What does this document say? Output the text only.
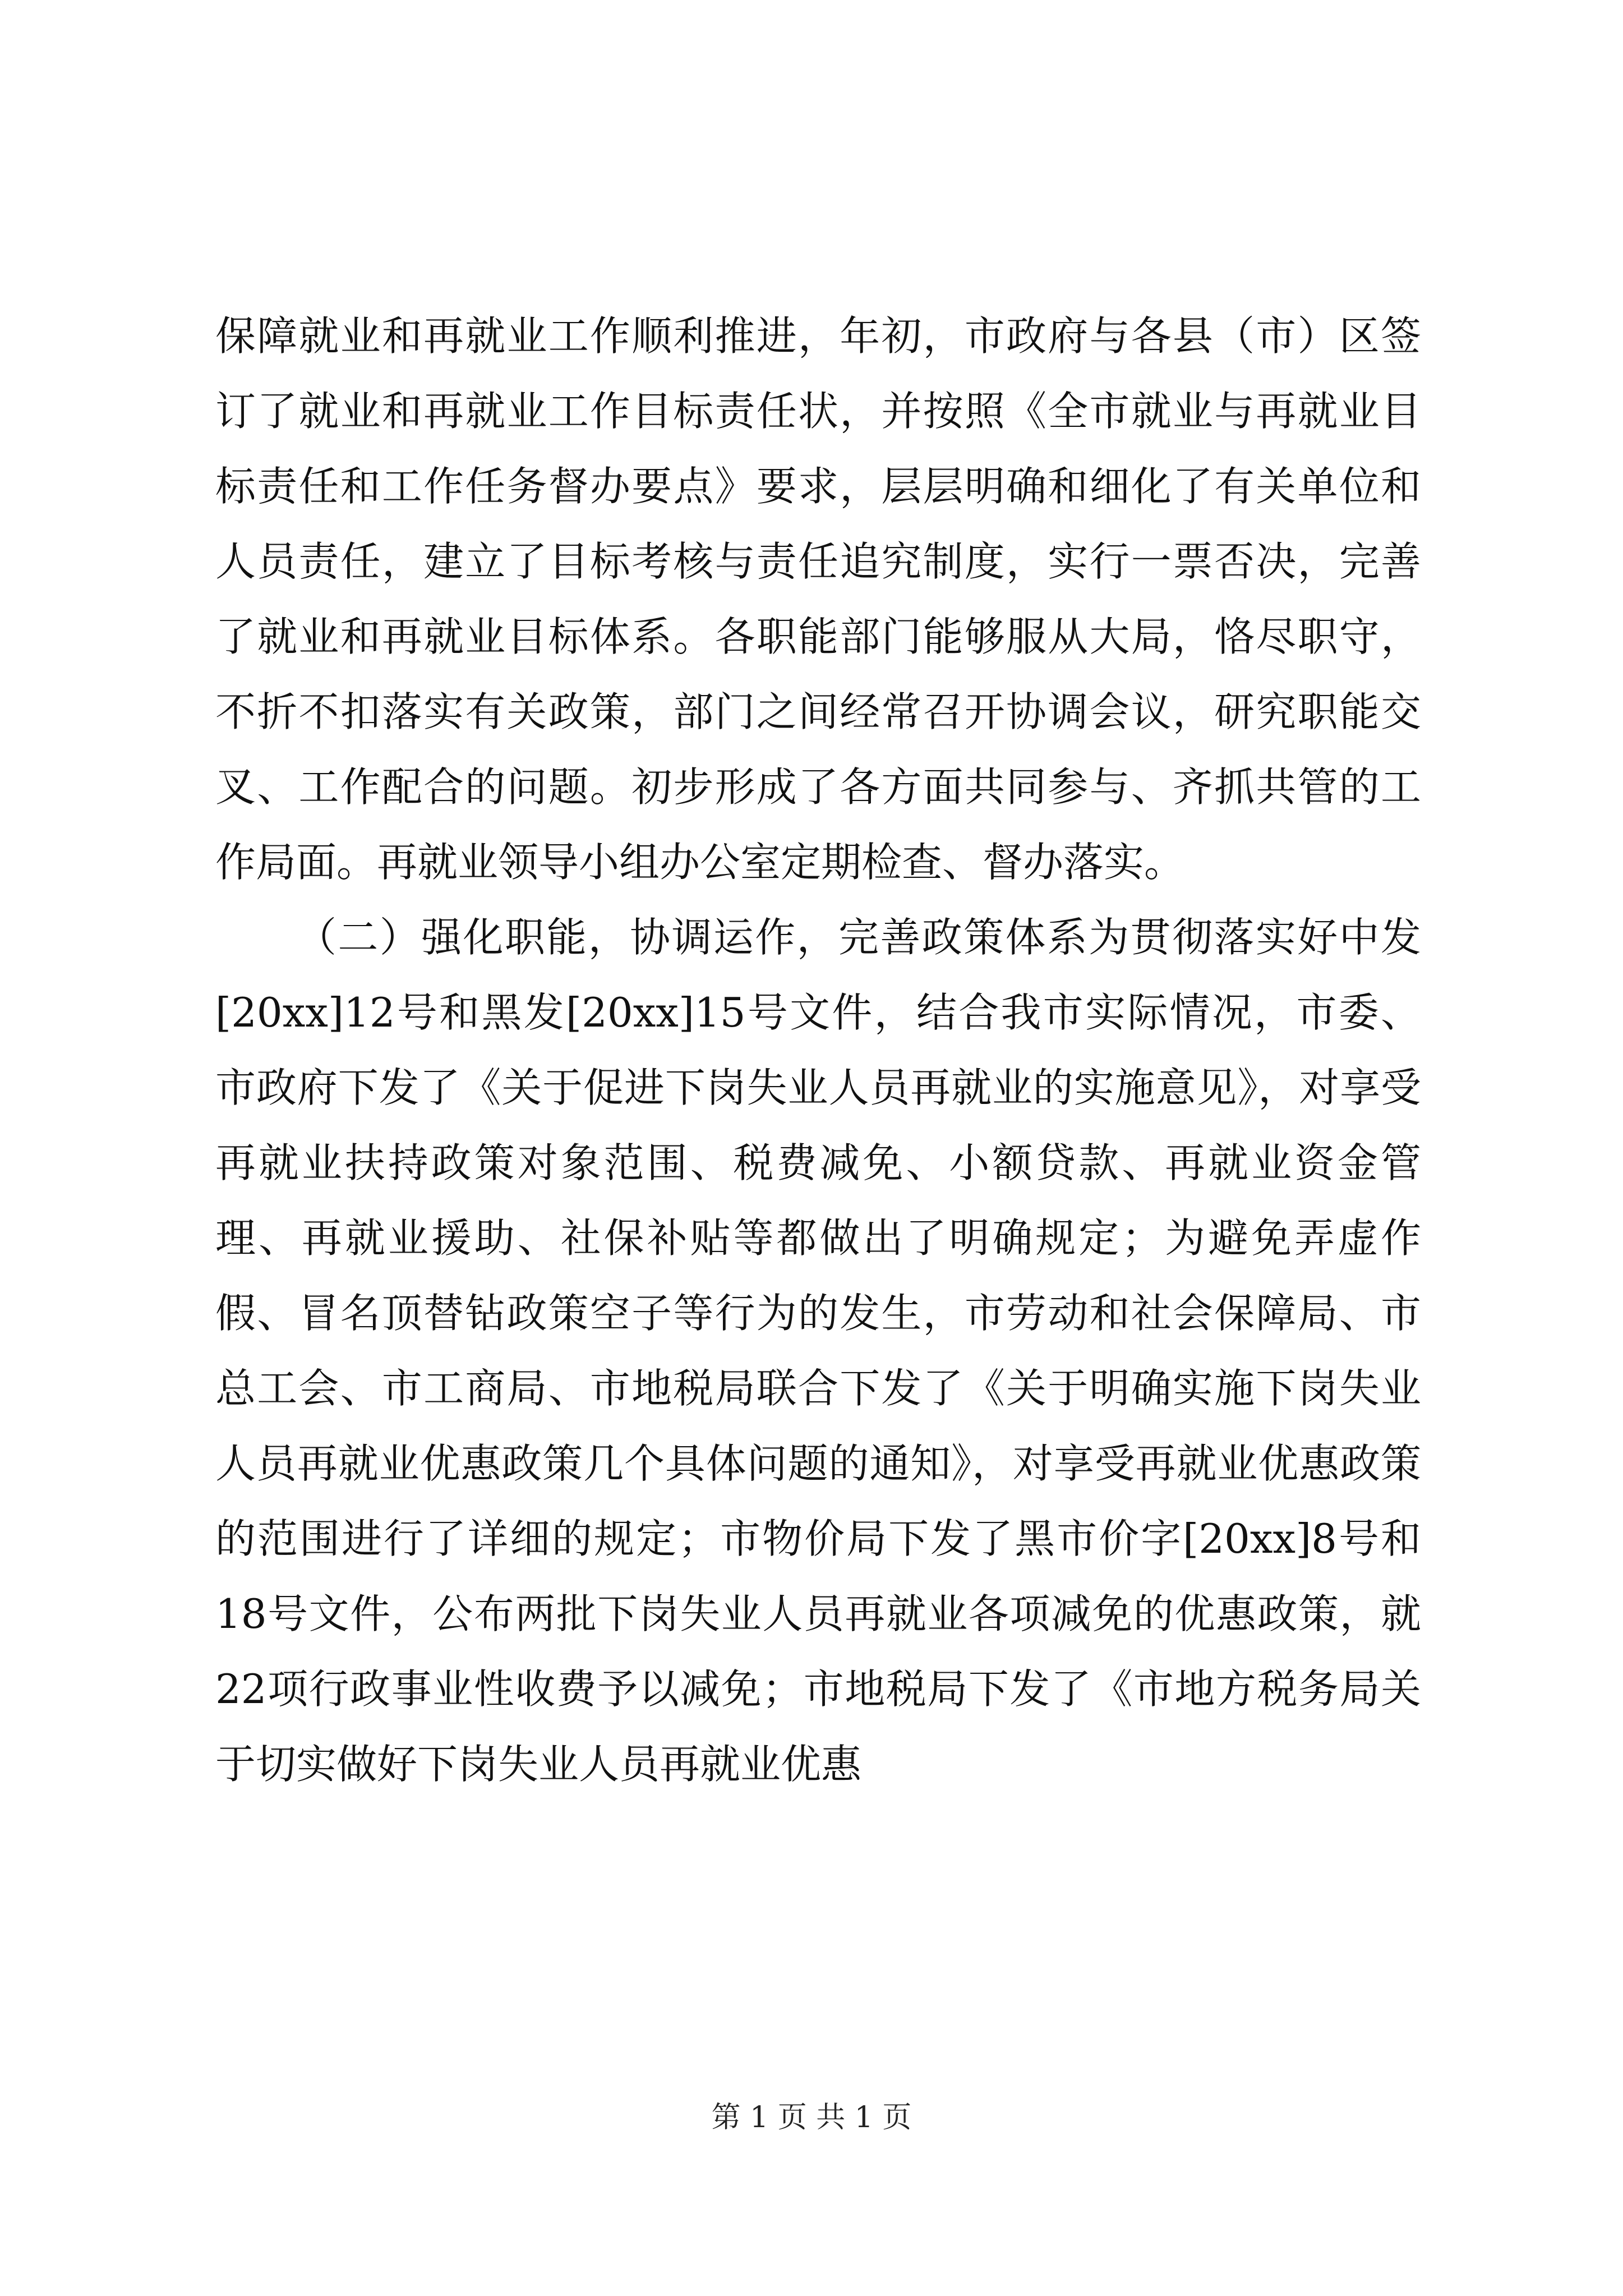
保障就业和再就业工作顺利推进，年初，市政府与各县（市）区签订了就业和再就业工作目标责任状，并按照《全市就业与再就业目标责任和工作任务督办要点》要求，层层明确和细化了有关单位和人员责任，建立了目标考核与责任追究制度，实行一票否决，完善了就业和再就业目标体系。各职能部门能够服从大局，恪尽职守，不折不扣落实有关政策，部门之间经常召开协调会议，研究职能交叉、工作配合的问题。初步形成了各方面共同参与、齐抓共管的工作局面。再就业领导小组办公室定期检查、督办落实。

（二）强化职能，协调运作，完善政策体系为贯彻落实好中发[20xx]12号和黑发[20xx]15号文件，结合我市实际情况，市委、市政府下发了《关于促进下岗失业人员再就业的实施意见》，对享受再就业扶持政策对象范围、税费减免、小额贷款、再就业资金管理、再就业援助、社保补贴等都做出了明确规定；为避免弄虚作假、冒名顶替钻政策空子等行为的发生，市劳动和社会保障局、市总工会、市工商局、市地税局联合下发了《关于明确实施下岗失业人员再就业优惠政策几个具体问题的通知》，对享受再就业优惠政策的范围进行了详细的规定；市物价局下发了黑市价字[20xx]8号和18号文件，公布两批下岗失业人员再就业各项减免的优惠政策，就22项行政事业性收费予以减免；市地税局下发了《市地方税务局关于切实做好下岗失业人员再就业优惠

第 1 页 共 1 页
